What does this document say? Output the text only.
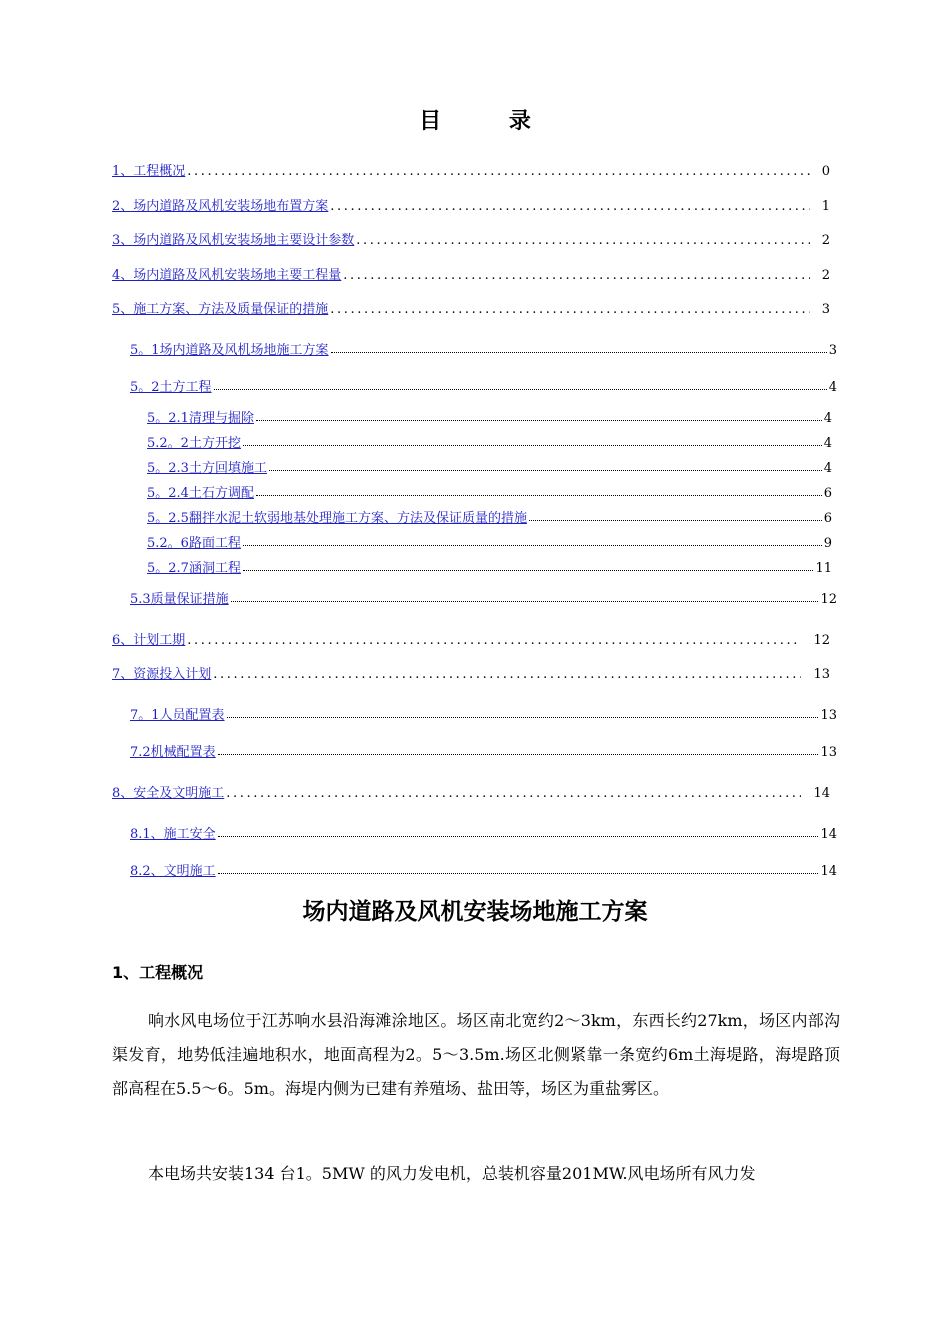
目 录
1、工程概况 .....	0
2、场内道路及风机安装场地布置方案 .....	1
3、场内道路及风机安装场地主要设计参数 .....	2
4、场内道路及风机安装场地主要工程量 .....	2
5、施工方案、方法及质量保证的措施 .....	3
5。1场内道路及风机场地施工方案	3
5。2土方工程	4
5。2.1清理与掘除	4
5.2。2土方开挖	4
5。2.3土方回填施工	4
5。2.4土石方调配	6
5。2.5翻拌水泥土软弱地基处理施工方案、方法及保证质量的措施	6
5.2。6路面工程	9
5。2.7涵洞工程	11
5.3质量保证措施	12
6、计划工期 .....	12
7、资源投入计划 .....	13
7。1人员配置表	13
7.2机械配置表	13
8、安全及文明施工 .....	14
8.1、施工安全	14
8.2、文明施工	14
场内道路及风机安装场地施工方案
1、工程概况

响水风电场位于江苏响水县沿海滩涂地区。场区南北宽约2～3km，东西长约27km，场区内部沟渠发育，地势低洼遍地积水，地面高程为2。5～3.5m.场区北侧紧靠一条宽约6m土海堤路，海堤路顶部高程在5.5～6。5m。海堤内侧为已建有养殖场、盐田等，场区为重盐雾区。

本电场共安装134 台1。5MW 的风力发电机，总装机容量201MW.风电场所有风力发
